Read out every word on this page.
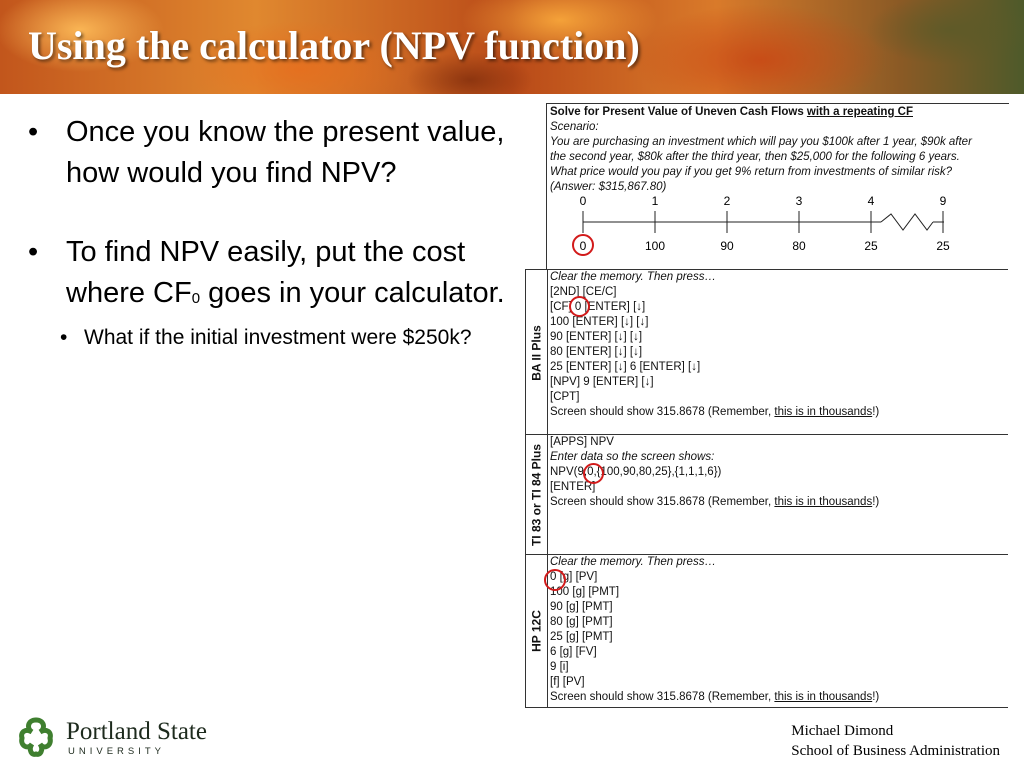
Using the calculator (NPV function)
• Once you know the present value, how would you find NPV?
• To find NPV easily, put the cost where $CF_0$ goes in your calculator.
• What if the initial investment were $250k?
Solve for Present Value of Uneven Cash Flows with a repeating CF
Scenario:
You are purchasing an investment which will pay you $100k after 1 year, $90k after
the second year, $80k after the third year, then $25,000 for the following 6 years.
What price would you pay if you get 9% return from investments of similar risk?
(Answer: $315,867.80)
0	1	2	3	4	9
0	100	90	80	25	25
BA II Plus
Clear the memory. Then press…
[2ND] [CE/C]
[CF] 0 [ENTER] [↓]
100 [ENTER] [↓] [↓]
90 [ENTER] [↓] [↓]
80 [ENTER] [↓] [↓]
25 [ENTER] [↓] 6 [ENTER] [↓]
[NPV] 9 [ENTER] [↓]
[CPT]
Screen should show 315.8678 (Remember, this is in thousands!)
TI 83 or TI 84 Plus
[APPS] NPV
Enter data so the screen shows:
NPV(9,0,{100,90,80,25},{1,1,1,6})
[ENTER]
Screen should show 315.8678 (Remember, this is in thousands!)
HP 12C
Clear the memory. Then press…
0 [g] [PV]
100 [g] [PMT]
90 [g] [PMT]
80 [g] [PMT]
25 [g] [PMT]
6 [g] [FV]
9 [i]
[f] [PV]
Screen should show 315.8678 (Remember, this is in thousands!)
Portland State
UNIVERSITY
Michael Dimond
School of Business Administration
